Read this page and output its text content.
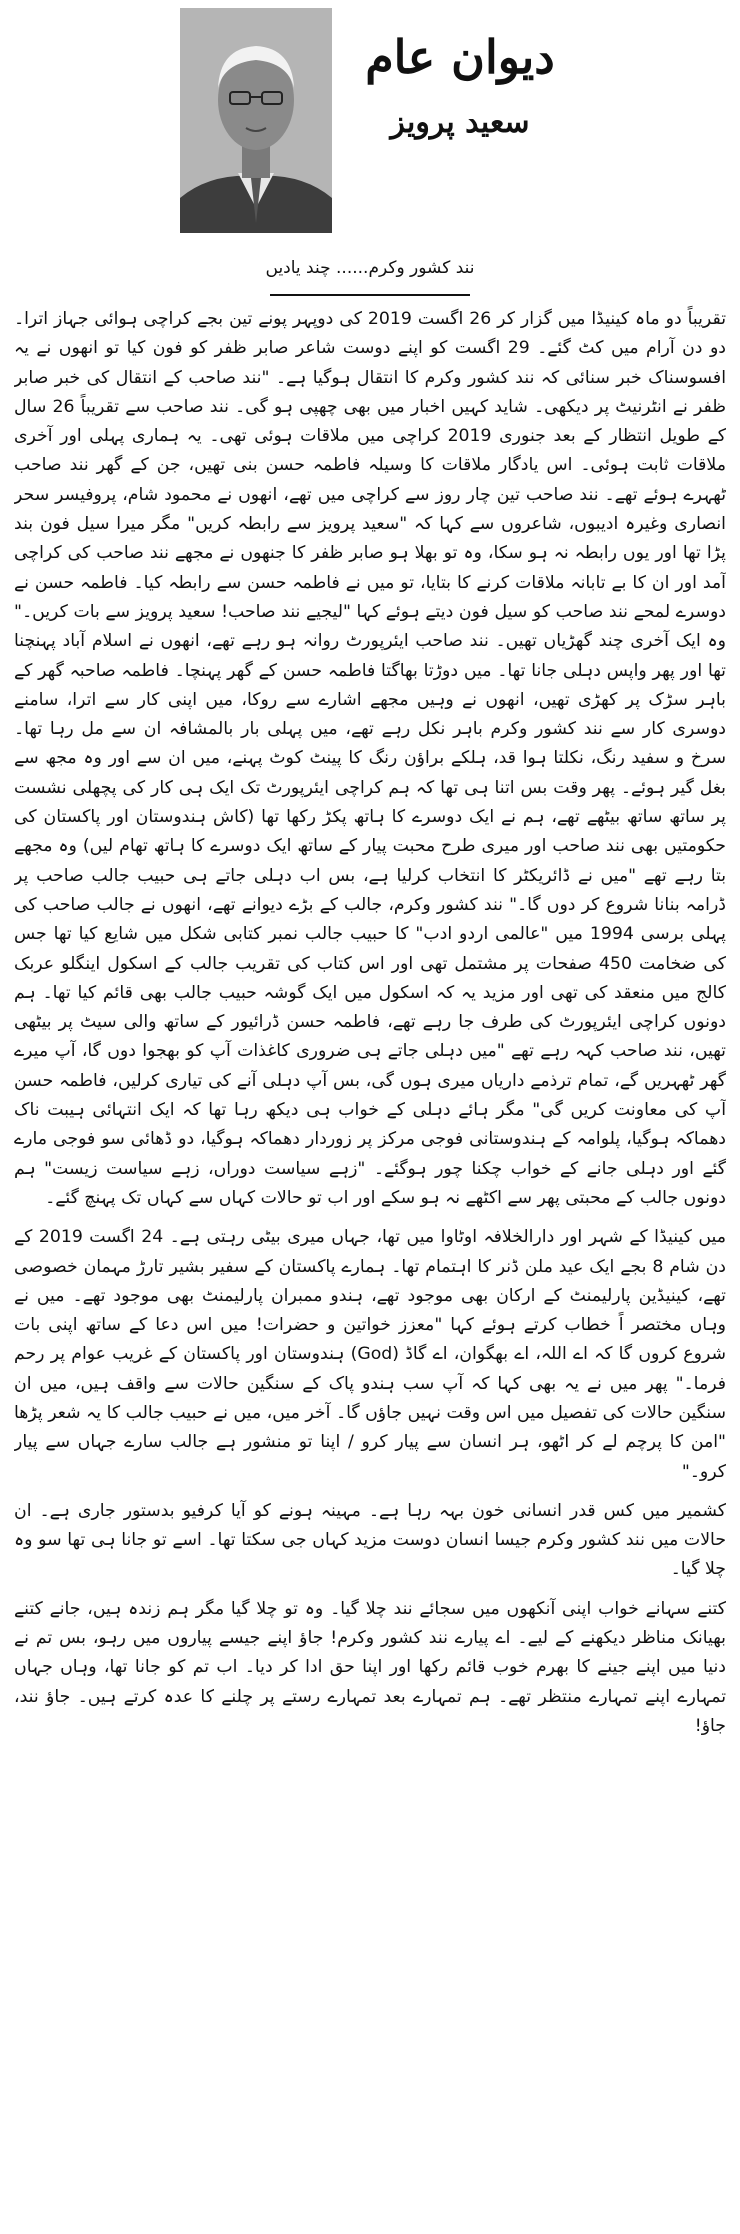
دیوان عام
سعید پرویز
نند کشور وکرم...... چند یادیں

تقریباً دو ماہ کینیڈا میں گزار کر 26 اگست 2019 کی دوپہر پونے تین بجے کراچی ہوائی جہاز اترا۔ دو دن آرام میں کٹ گئے۔ 29 اگست کو اپنے دوست شاعر صابر ظفر کو فون کیا تو انھوں نے یہ افسوسناک خبر سنائی کہ نند کشور وکرم کا انتقال ہوگیا ہے۔ "نند صاحب کے انتقال کی خبر صابر ظفر نے انٹرنیٹ پر دیکھی۔ شاید کہیں اخبار میں بھی چھپی ہو گی۔ نند صاحب سے تقریباً 26 سال کے طویل انتظار کے بعد جنوری 2019 کراچی میں ملاقات ہوئی تھی۔ یہ ہماری پہلی اور آخری ملاقات ثابت ہوئی۔ اس یادگار ملاقات کا وسیلہ فاطمہ حسن بنی تھیں، جن کے گھر نند صاحب ٹھہرے ہوئے تھے۔ نند صاحب تین چار روز سے کراچی میں تھے، انھوں نے محمود شام، پروفیسر سحر انصاری وغیرہ ادیبوں، شاعروں سے کہا کہ "سعید پرویز سے رابطہ کریں" مگر میرا سیل فون بند پڑا تھا اور یوں رابطہ نہ ہو سکا، وہ تو بھلا ہو صابر ظفر کا جنھوں نے مجھے نند صاحب کی کراچی آمد اور ان کا بے تابانہ ملاقات کرنے کا بتایا، تو میں نے فاطمہ حسن سے رابطہ کیا۔ فاطمہ حسن نے دوسرے لمحے نند صاحب کو سیل فون دیتے ہوئے کہا "لیجیے نند صاحب! سعید پرویز سے بات کریں۔" وہ ایک آخری چند گھڑیاں تھیں۔ نند صاحب ایئرپورٹ روانہ ہو رہے تھے، انھوں نے اسلام آباد پہنچنا تھا اور پھر واپس دہلی جانا تھا۔ میں دوڑتا بھاگتا فاطمہ حسن کے گھر پہنچا۔ فاطمہ صاحبہ گھر کے باہر سڑک پر کھڑی تھیں، انھوں نے وہیں مجھے اشارے سے روکا، میں اپنی کار سے اترا، سامنے دوسری کار سے نند کشور وکرم باہر نکل رہے تھے، میں پہلی بار بالمشافہ ان سے مل رہا تھا۔ سرخ و سفید رنگ، نکلتا ہوا قد، ہلکے براؤن رنگ کا پینٹ کوٹ پہنے، میں ان سے اور وہ مجھ سے بغل گیر ہوئے۔ پھر وقت بس اتنا ہی تھا کہ ہم کراچی ایئرپورٹ تک ایک ہی کار کی پچھلی نشست پر ساتھ ساتھ بیٹھے تھے، ہم نے ایک دوسرے کا ہاتھ پکڑ رکھا تھا (کاش ہندوستان اور پاکستان کی حکومتیں بھی نند صاحب اور میری طرح محبت پیار کے ساتھ ایک دوسرے کا ہاتھ تھام لیں) وہ مجھے بتا رہے تھے "میں نے ڈائریکٹر کا انتخاب کرلیا ہے، بس اب دہلی جاتے ہی حبیب جالب صاحب پر ڈرامہ بنانا شروع کر دوں گا۔" نند کشور وکرم، جالب کے بڑے دیوانے تھے، انھوں نے جالب صاحب کی پہلی برسی 1994 میں "عالمی اردو ادب" کا حبیب جالب نمبر کتابی شکل میں شایع کیا تھا جس کی ضخامت 450 صفحات پر مشتمل تھی اور اس کتاب کی تقریب جالب کے اسکول اینگلو عربک کالج میں منعقد کی تھی اور مزید یہ کہ اسکول میں ایک گوشہ حبیب جالب بھی قائم کیا تھا۔ ہم دونوں کراچی ایئرپورٹ کی طرف جا رہے تھے، فاطمہ حسن ڈرائیور کے ساتھ والی سیٹ پر بیٹھی تھیں، نند صاحب کہہ رہے تھے "میں دہلی جاتے ہی ضروری کاغذات آپ کو بھجوا دوں گا، آپ میرے گھر ٹھہریں گے، تمام ترذمے داریاں میری ہوں گی، بس آپ دہلی آنے کی تیاری کرلیں، فاطمہ حسن آپ کی معاونت کریں گی" مگر ہائے دہلی کے خواب ہی دیکھ رہا تھا کہ ایک انتہائی ہیبت ناک دھماکہ ہوگیا، پلوامہ کے ہندوستانی فوجی مرکز پر زوردار دھماکہ ہوگیا، دو ڈھائی سو فوجی مارے گئے اور دہلی جانے کے خواب چکنا چور ہوگئے۔ "زہے سیاست دوراں، زہے سیاست زیست" ہم دونوں جالب کے محبتی پھر سے اکٹھے نہ ہو سکے اور اب تو حالات کہاں سے کہاں تک پہنچ گئے۔

میں کینیڈا کے شہر اور دارالخلافہ اوٹاوا میں تھا، جہاں میری بیٹی رہتی ہے۔ 24 اگست 2019 کے دن شام 8 بجے ایک عید ملن ڈنر کا اہتمام تھا۔ ہمارے پاکستان کے سفیر بشیر تارڑ مہمان خصوصی تھے، کینیڈین پارلیمنٹ کے ارکان بھی موجود تھے، ہندو ممبران پارلیمنٹ بھی موجود تھے۔ میں نے وہاں مختصر اً خطاب کرتے ہوئے کہا "معزز خواتین و حضرات! میں اس دعا کے ساتھ اپنی بات شروع کروں گا کہ اے اللہ، اے بھگوان، اے گاڈ (God) ہندوستان اور پاکستان کے غریب عوام پر رحم فرما۔" پھر میں نے یہ بھی کہا کہ آپ سب ہندو پاک کے سنگین حالات سے واقف ہیں، میں ان سنگین حالات کی تفصیل میں اس وقت نہیں جاؤں گا۔ آخر میں، میں نے حبیب جالب کا یہ شعر پڑھا "امن کا پرچم لے کر اٹھو، ہر انسان سے پیار کرو / اپنا تو منشور ہے جالب سارے جہاں سے پیار کرو۔"

کشمیر میں کس قدر انسانی خون بہہ رہا ہے۔ مہینہ ہونے کو آیا کرفیو بدستور جاری ہے۔ ان حالات میں نند کشور وکرم جیسا انسان دوست مزید کہاں جی سکتا تھا۔ اسے تو جانا ہی تھا سو وہ چلا گیا۔

کتنے سہانے خواب اپنی آنکھوں میں سجائے نند چلا گیا۔ وہ تو چلا گیا مگر ہم زندہ ہیں، جانے کتنے بھیانک مناظر دیکھنے کے لیے۔ اے پیارے نند کشور وکرم! جاؤ اپنے جیسے پیاروں میں رہو، بس تم نے دنیا میں اپنے جینے کا بھرم خوب قائم رکھا اور اپنا حق ادا کر دیا۔ اب تم کو جانا تھا، وہاں جہاں تمہارے اپنے تمہارے منتظر تھے۔ ہم تمہارے بعد تمہارے رستے پر چلنے کا عدہ کرتے ہیں۔ جاؤ نند، جاؤ!
